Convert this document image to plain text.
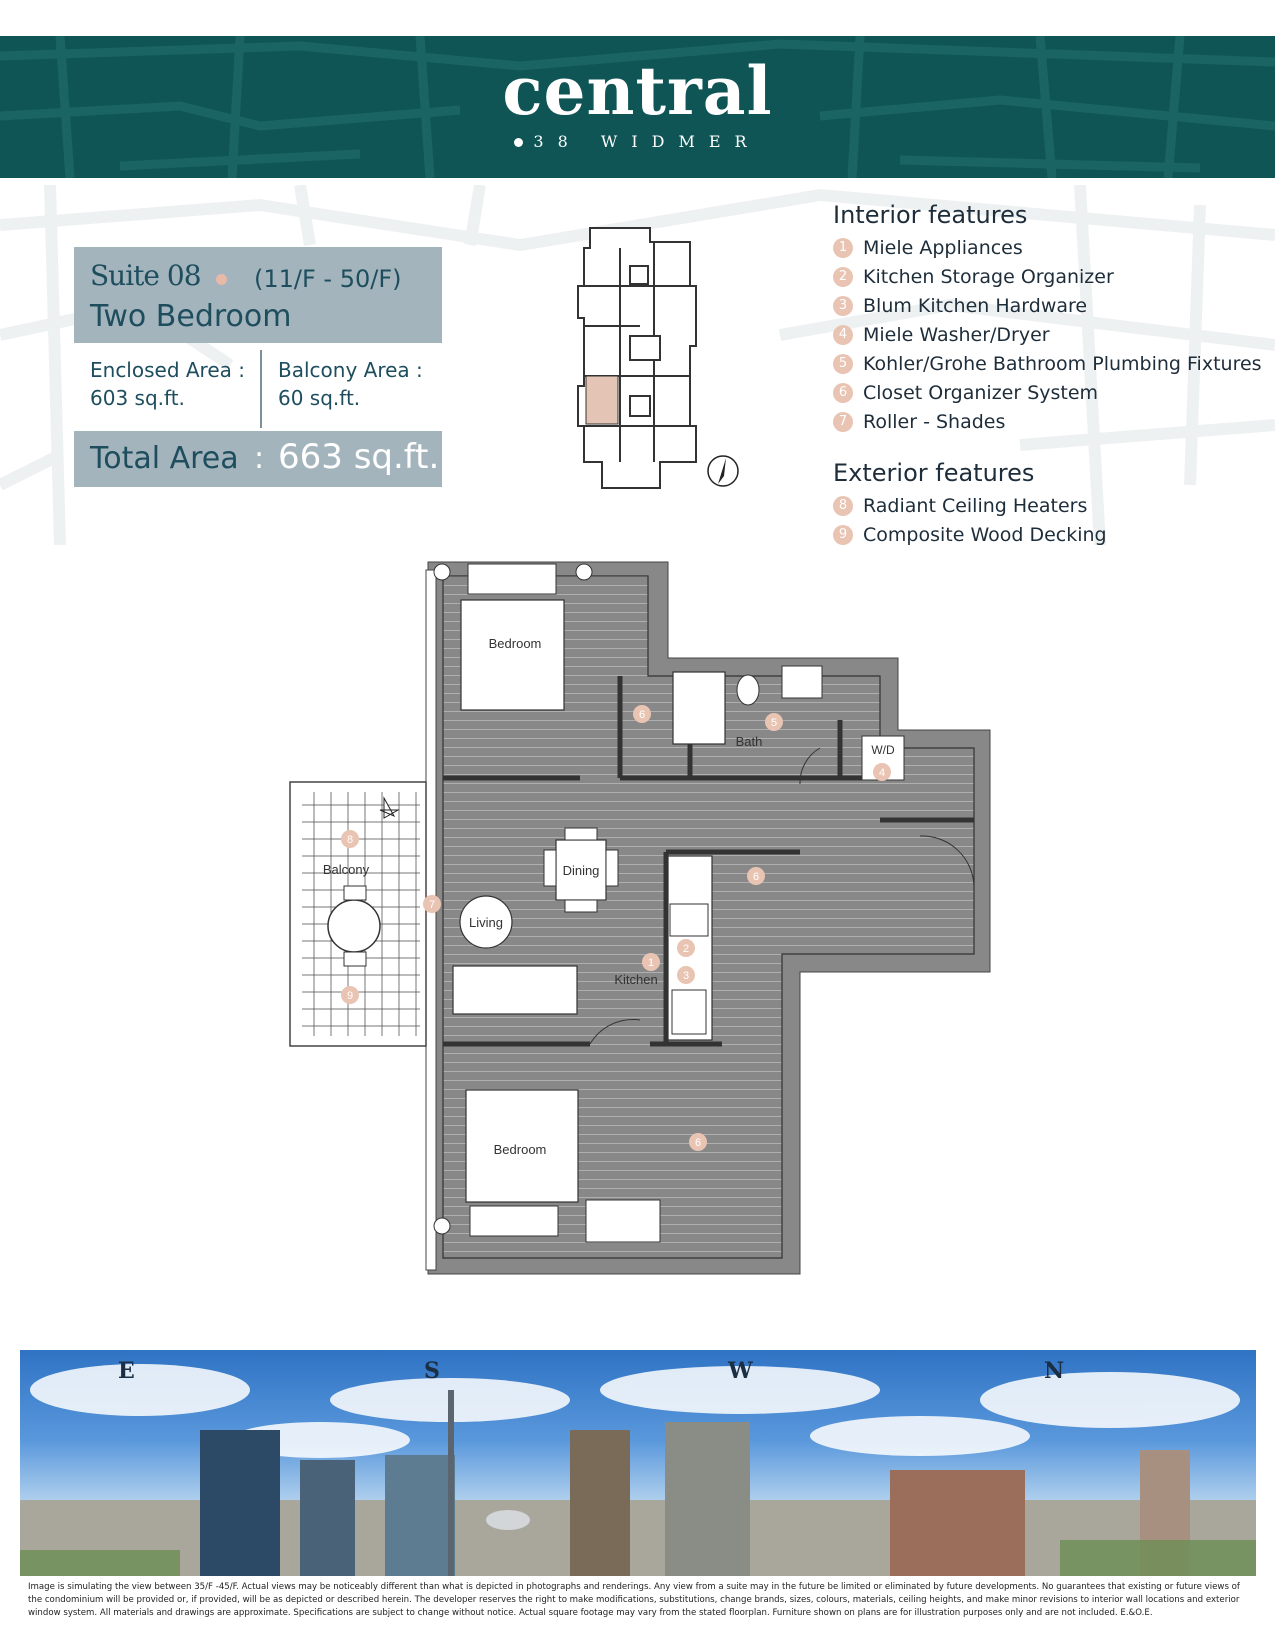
central
38 WIDMER
Suite 08 (11/F - 50/F)
Two Bedroom
Enclosed Area :
603 sq.ft.
Balcony Area :
60 sq.ft.
Total Area : 663 sq.ft.
Interior features
1 Miele Appliances
2 Kitchen Storage Organizer
3 Blum Kitchen Hardware
4 Miele Washer/Dryer
5 Kohler/Grohe Bathroom Plumbing Fixtures
6 Closet Organizer System
7 Roller - Shades
Exterior features
8 Radiant Ceiling Heaters
9 Composite Wood Decking
Bedroom
Bath
W/D
Balcony	Dining
Living
Kitchen
Bedroom
6
5
4
6
8
7
1
2
3
9
6
E	S	W	N
Image is simulating the view between 35/F -45/F. Actual views may be noticeably different than what is depicted in photographs and renderings. Any view from a suite may in the future be limited or eliminated by future developments. No guarantees that existing or future views of the condominium will be provided or, if provided, will be as depicted or described herein. The developer reserves the right to make modifications, substitutions, change brands, sizes, colours, materials, ceiling heights, and make minor revisions to interior wall locations and exterior window system. All materials and drawings are approximate. Specifications are subject to change without notice. Actual square footage may vary from the stated floorplan. Furniture shown on plans are for illustration purposes only and are not included. E.&O.E.
